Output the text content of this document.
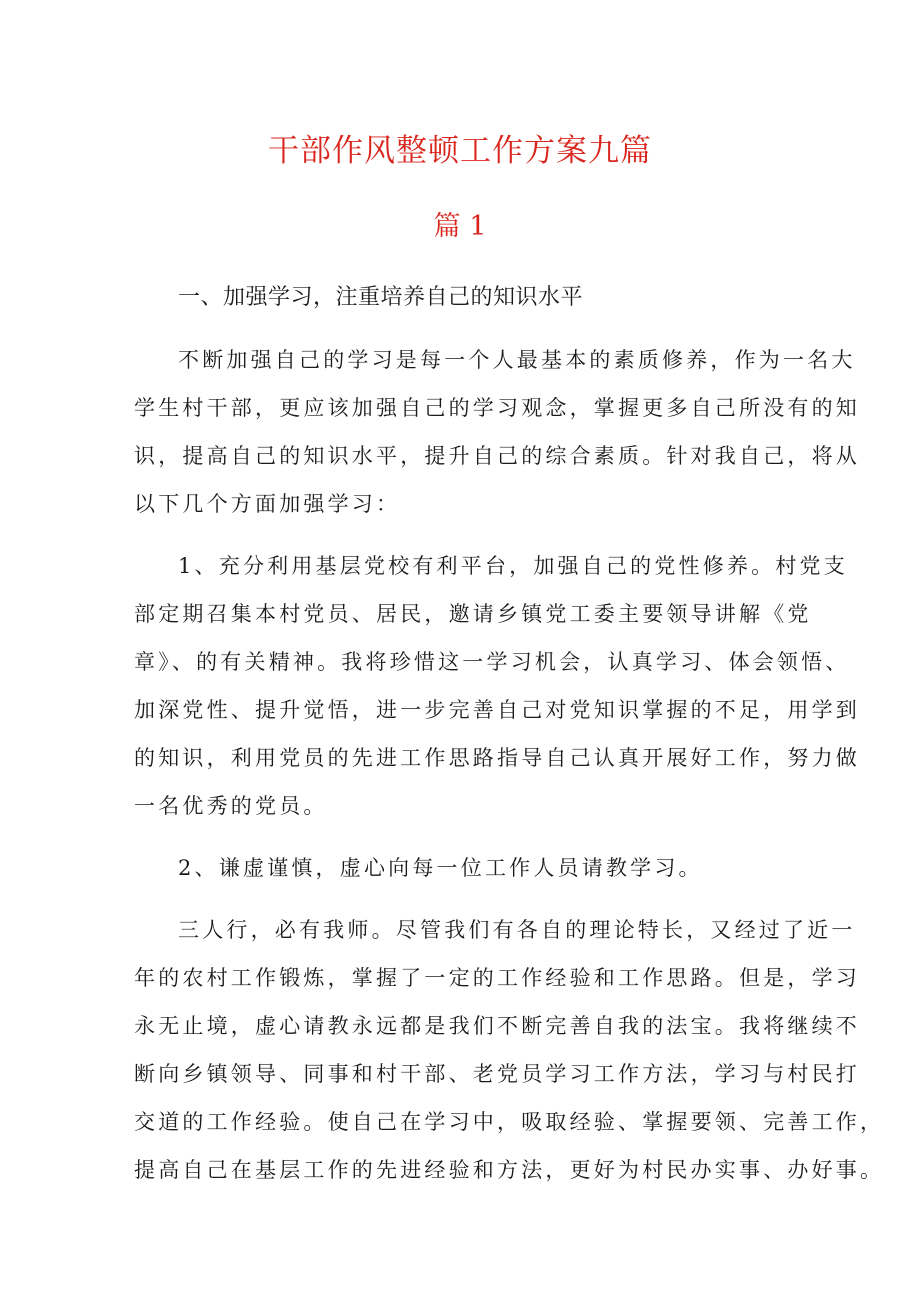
干部作风整顿工作方案九篇
篇 1
一、加强学习，注重培养自己的知识水平

不断加强自己的学习是每一个人最基本的素质修养，作为一名大
学生村干部，更应该加强自己的学习观念，掌握更多自己所没有的知
识，提高自己的知识水平，提升自己的综合素质。针对我自己，将从
以下几个方面加强学习：

1、充分利用基层党校有利平台，加强自己的党性修养。村党支
部定期召集本村党员、居民，邀请乡镇党工委主要领导讲解《党
章》、的有关精神。我将珍惜这一学习机会，认真学习、体会领悟、
加深党性、提升觉悟，进一步完善自己对党知识掌握的不足，用学到
的知识，利用党员的先进工作思路指导自己认真开展好工作，努力做
一名优秀的党员。

2、谦虚谨慎，虚心向每一位工作人员请教学习。

三人行，必有我师。尽管我们有各自的理论特长，又经过了近一
年的农村工作锻炼，掌握了一定的工作经验和工作思路。但是，学习
永无止境，虚心请教永远都是我们不断完善自我的法宝。我将继续不
断向乡镇领导、同事和村干部、老党员学习工作方法，学习与村民打
交道的工作经验。使自己在学习中，吸取经验、掌握要领、完善工作，
提高自己在基层工作的先进经验和方法，更好为村民办实事、办好事。
